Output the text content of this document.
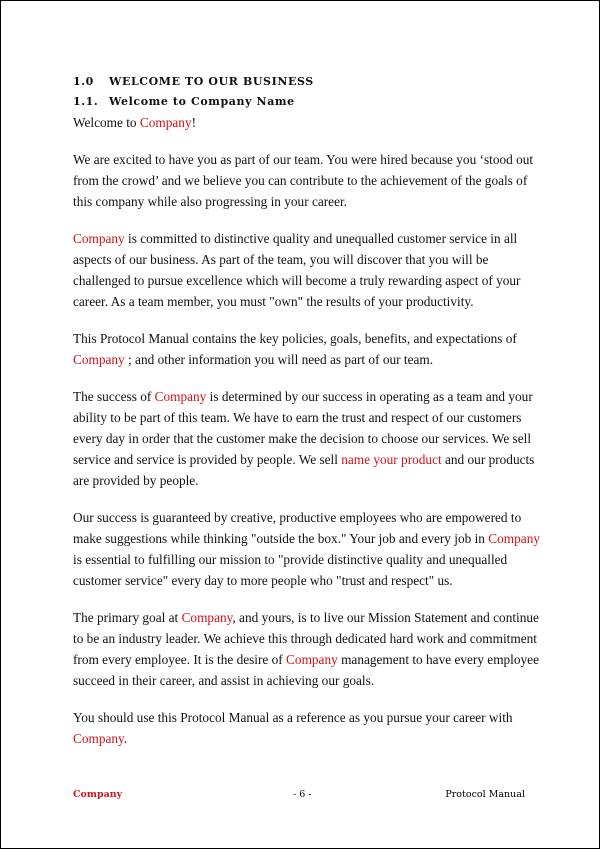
1.0 WELCOME TO OUR BUSINESS
1.1. Welcome to Company Name
Welcome to Company!
We are excited to have you as part of our team. You were hired because you ‘stood out
from the crowd’ and we believe you can contribute to the achievement of the goals of
this company while also progressing in your career.
Company is committed to distinctive quality and unequalled customer service in all
aspects of our business. As part of the team, you will discover that you will be
challenged to pursue excellence which will become a truly rewarding aspect of your
career. As a team member, you must "own" the results of your productivity.
This Protocol Manual contains the key policies, goals, benefits, and expectations of
Company ; and other information you will need as part of our team.
The success of Company is determined by our success in operating as a team and your
ability to be part of this team. We have to earn the trust and respect of our customers
every day in order that the customer make the decision to choose our services. We sell
service and service is provided by people. We sell name your product and our products
are provided by people.
Our success is guaranteed by creative, productive employees who are empowered to
make suggestions while thinking "outside the box." Your job and every job in Company
is essential to fulfilling our mission to "provide distinctive quality and unequalled
customer service" every day to more people who "trust and respect" us.
The primary goal at Company, and yours, is to live our Mission Statement and continue
to be an industry leader. We achieve this through dedicated hard work and commitment
from every employee. It is the desire of Company management to have every employee
succeed in their career, and assist in achieving our goals.
You should use this Protocol Manual as a reference as you pursue your career with
Company.
Company	- 6 -	Protocol Manual
